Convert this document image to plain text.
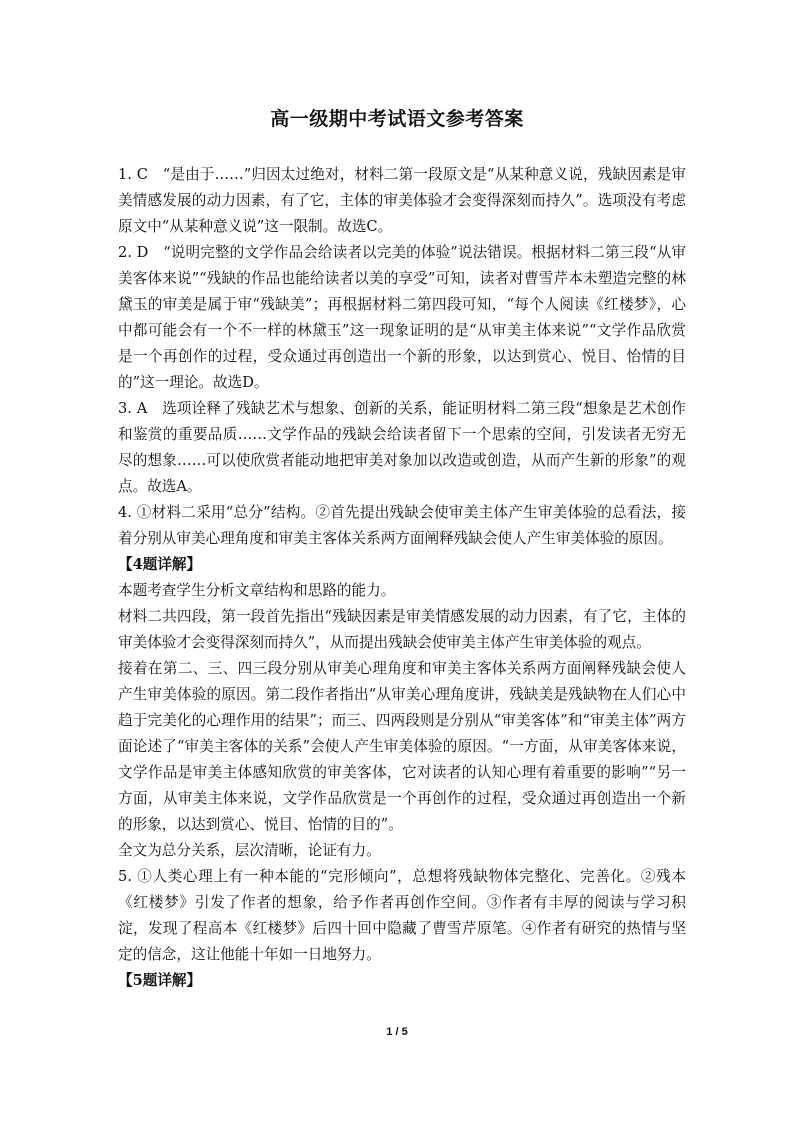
高一级期中考试语文参考答案

1. C　“是由于……”归因太过绝对，材料二第一段原文是“从某种意义说，残缺因素是审美情感发展的动力因素，有了它，主体的审美体验才会变得深刻而持久”。选项没有考虑原文中“从某种意义说”这一限制。故选C。

2. D　“说明完整的文学作品会给读者以完美的体验”说法错误。根据材料二第三段“从审美客体来说”“残缺的作品也能给读者以美的享受”可知，读者对曹雪芹本未塑造完整的林黛玉的审美是属于审“残缺美”；再根据材料二第四段可知，“每个人阅读《红楼梦》，心中都可能会有一个不一样的林黛玉”这一现象证明的是“从审美主体来说”“文学作品欣赏是一个再创作的过程，受众通过再创造出一个新的形象，以达到赏心、悦目、怡情的目的”这一理论。故选D。

3. A　选项诠释了残缺艺术与想象、创新的关系，能证明材料二第三段“想象是艺术创作和鉴赏的重要品质……文学作品的残缺会给读者留下一个思索的空间，引发读者无穷无尽的想象……可以使欣赏者能动地把审美对象加以改造或创造，从而产生新的形象”的观点。故选A。

4. ①材料二采用“总分”结构。②首先提出残缺会使审美主体产生审美体验的总看法，接着分别从审美心理角度和审美主客体关系两方面阐释残缺会使人产生审美体验的原因。

【4题详解】

本题考查学生分析文章结构和思路的能力。

材料二共四段，第一段首先指出“残缺因素是审美情感发展的动力因素，有了它，主体的审美体验才会变得深刻而持久”，从而提出残缺会使审美主体产生审美体验的观点。

接着在第二、三、四三段分别从审美心理角度和审美主客体关系两方面阐释残缺会使人产生审美体验的原因。第二段作者指出“从审美心理角度讲，残缺美是残缺物在人们心中趋于完美化的心理作用的结果”；而三、四两段则是分别从“审美客体”和“审美主体”两方面论述了“审美主客体的关系”会使人产生审美体验的原因。“一方面，从审美客体来说，文学作品是审美主体感知欣赏的审美客体，它对读者的认知心理有着重要的影响”“另一方面，从审美主体来说，文学作品欣赏是一个再创作的过程，受众通过再创造出一个新的形象，以达到赏心、悦目、怡情的目的”。

全文为总分关系，层次清晰，论证有力。

5. ①人类心理上有一种本能的“完形倾向”，总想将残缺物体完整化、完善化。②残本《红楼梦》引发了作者的想象，给予作者再创作空间。③作者有丰厚的阅读与学习积淀，发现了程高本《红楼梦》后四十回中隐藏了曹雪芹原笔。④作者有研究的热情与坚定的信念，这让他能十年如一日地努力。

【5题详解】

1 / 5
